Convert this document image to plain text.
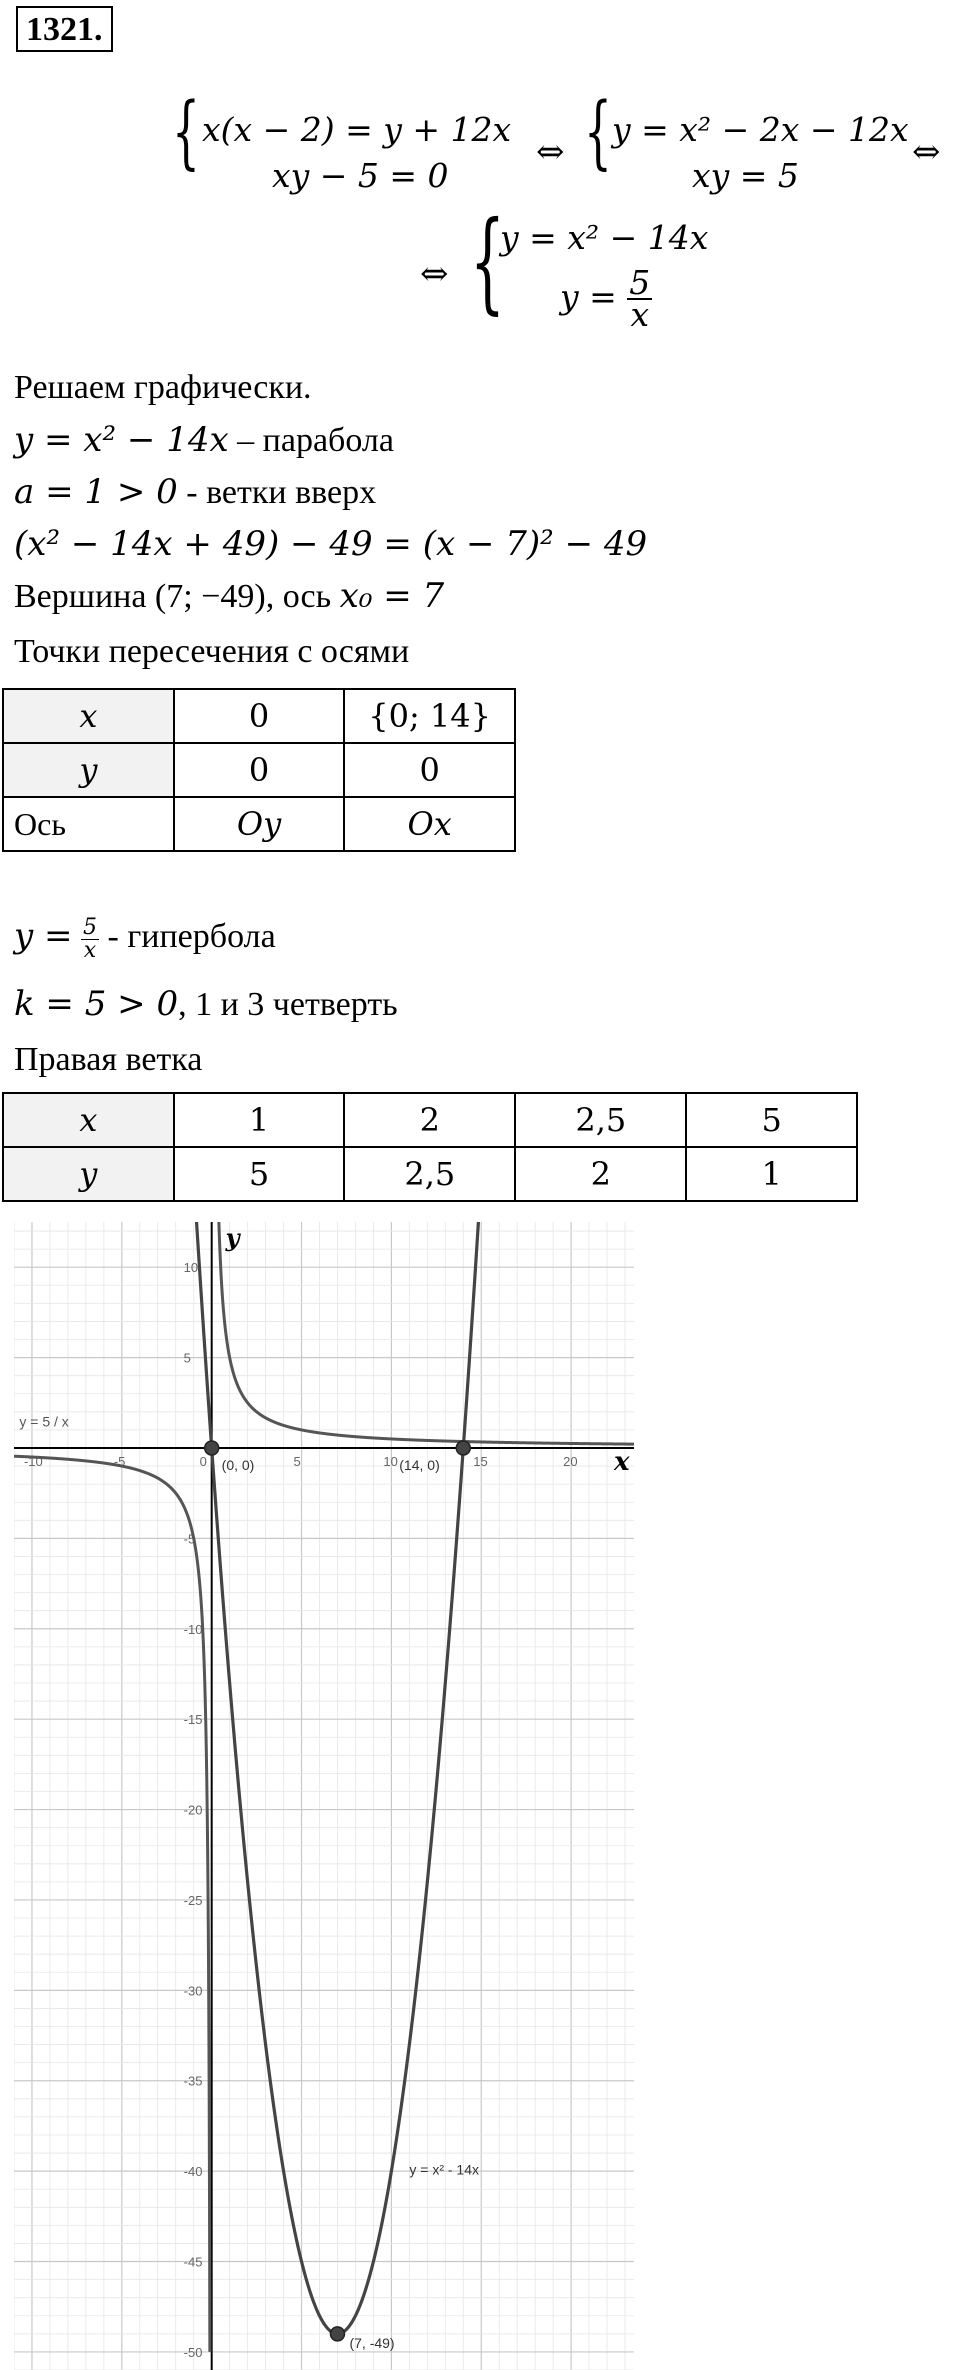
1321.
{ x(x − 2) = y + 12x
xy − 5 = 0
⇔ { y = x² − 2x − 12x
xy = 5
⇔
⇔ {
y = x² − 14x
$y = \frac{5}{x}$
Решаем графически.
y = x² − 14x – парабола
a = 1 > 0 - ветки вверх
(x² − 14x + 49) − 49 = (x − 7)² − 49
Вершина (7; −49), ось x₀ = 7
Точки пересечения с осями
x	0	{0; 14}
y	0	0
Ось	Oy	Ox
$y = \frac{5}{x}$ - гипербола
k = 5 > 0, 1 и 3 четверть
Правая ветка
x	1	2	2,5	5
y	5	2,5	2	1
-10	-5	5	10	15	20
0
10
5
-5
-10
-15
-20
-25
-30
-35
-40
-45
-50
x
y
y = 5 / x
y = x² - 14x
(0, 0)	(14, 0)
(7, -49)
